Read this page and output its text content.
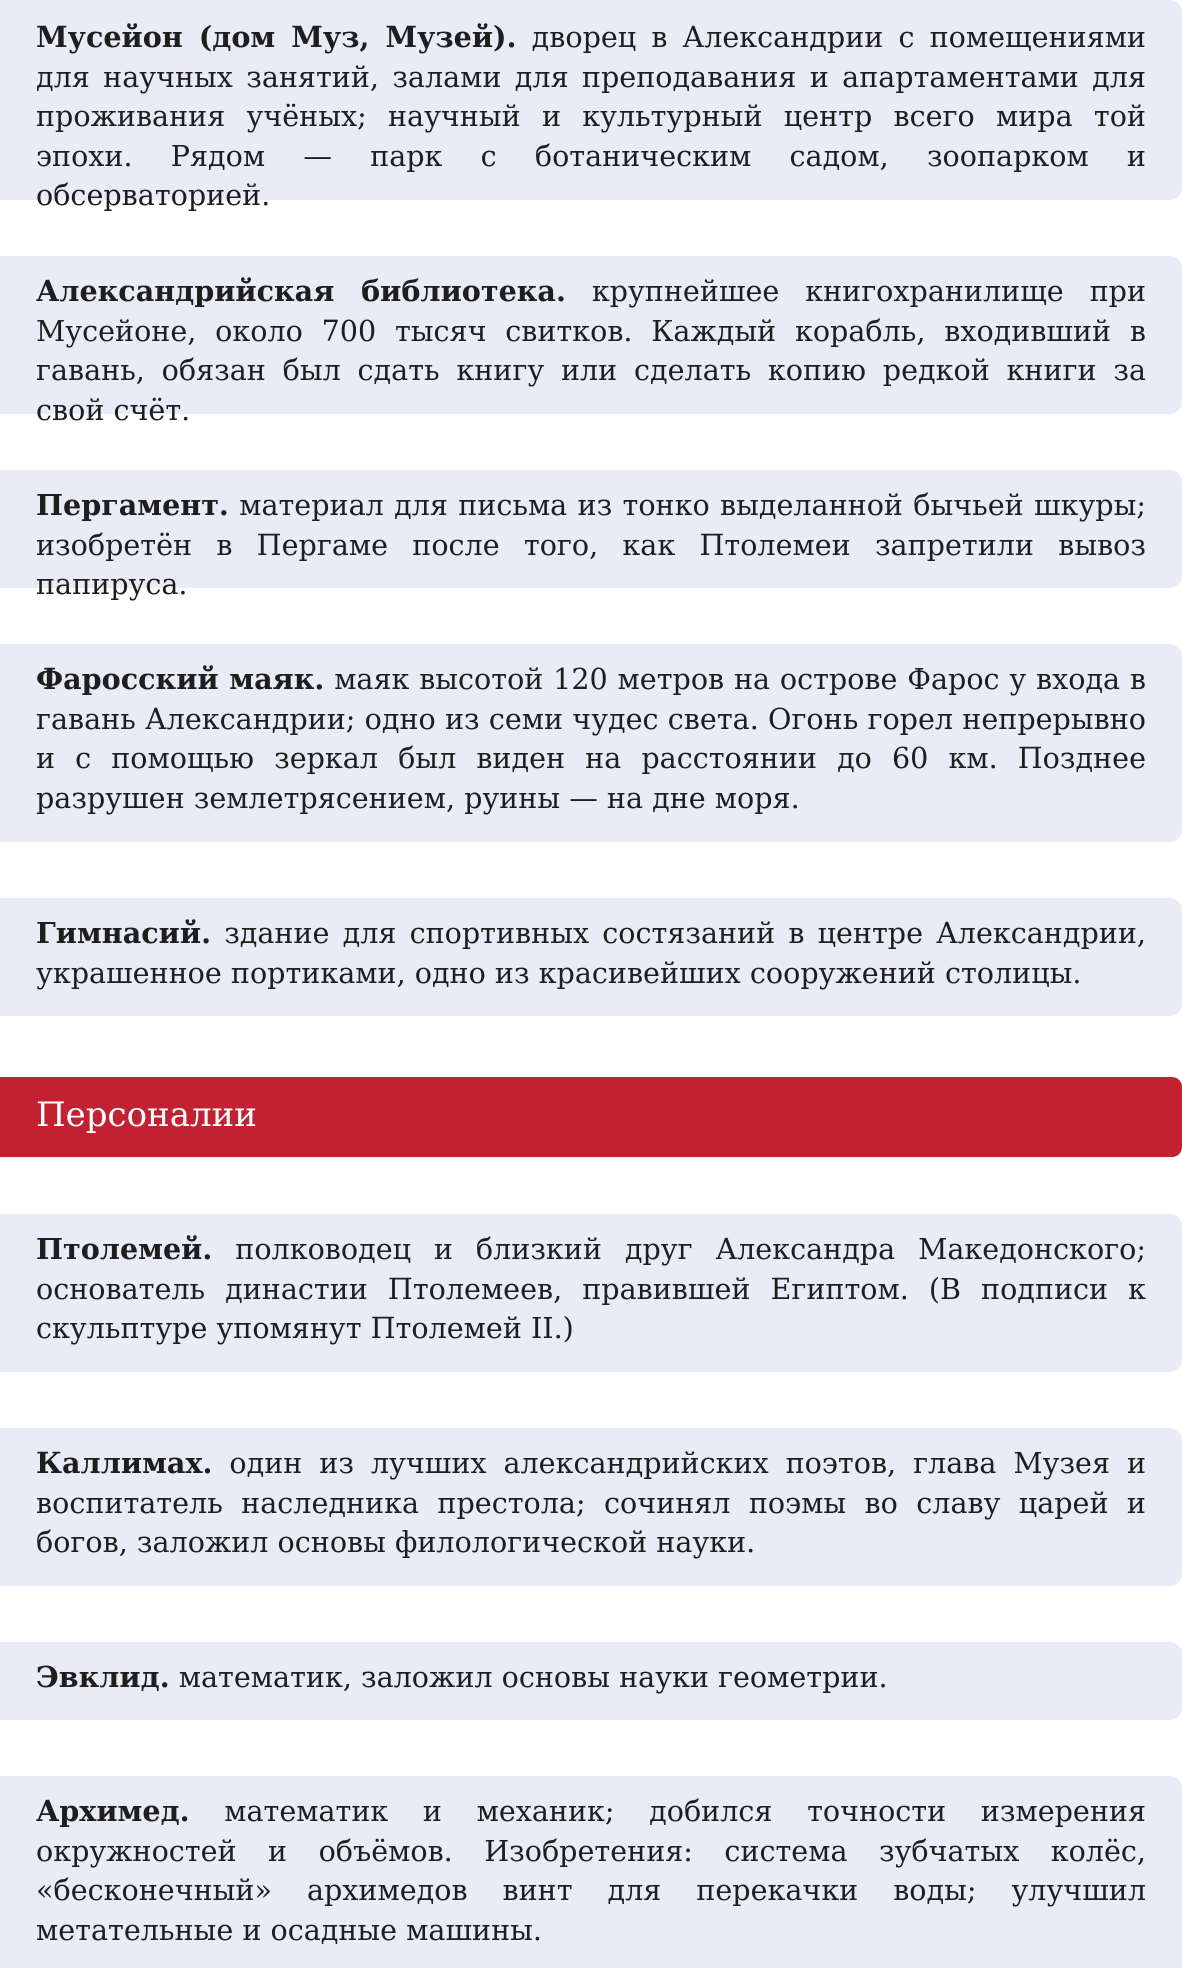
Мусейон (дом Муз, Музей). дворец в Александрии с помещениями для научных занятий, залами для преподавания и апартаментами для проживания учёных; научный и культурный центр всего мира той эпохи. Рядом — парк с ботаническим садом, зоопарком и обсерваторией.
Александрийская библиотека. крупнейшее книгохранилище при Мусейоне, около 700 тысяч свитков. Каждый корабль, входивший в гавань, обязан был сдать книгу или сделать копию редкой книги за свой счёт.
Пергамент. материал для письма из тонко выделанной бычьей шкуры; изобретён в Пергаме после того, как Птолемеи запретили вывоз папируса.
Фаросский маяк. маяк высотой 120 метров на острове Фарос у входа в гавань Александрии; одно из семи чудес света. Огонь горел непрерывно и с помощью зеркал был виден на расстоянии до 60 км. Позднее разрушен землетрясением, руины — на дне моря.
Гимнасий. здание для спортивных состязаний в центре Александрии, украшенное портиками, одно из красивейших сооружений столицы.
Персоналии
Птолемей. полководец и близкий друг Александра Македонского; основатель династии Птолемеев, правившей Египтом. (В подписи к скульптуре упомянут Птолемей II.)
Каллимах. один из лучших александрийских поэтов, глава Музея и воспитатель наследника престола; сочинял поэмы во славу царей и богов, заложил основы филологической науки.
Эвклид. математик, заложил основы науки геометрии.
Архимед. математик и механик; добился точности измерения окружностей и объёмов. Изобретения: система зубчатых колёс, «бесконечный» архимедов винт для перекачки воды; улучшил метательные и осадные машины.
